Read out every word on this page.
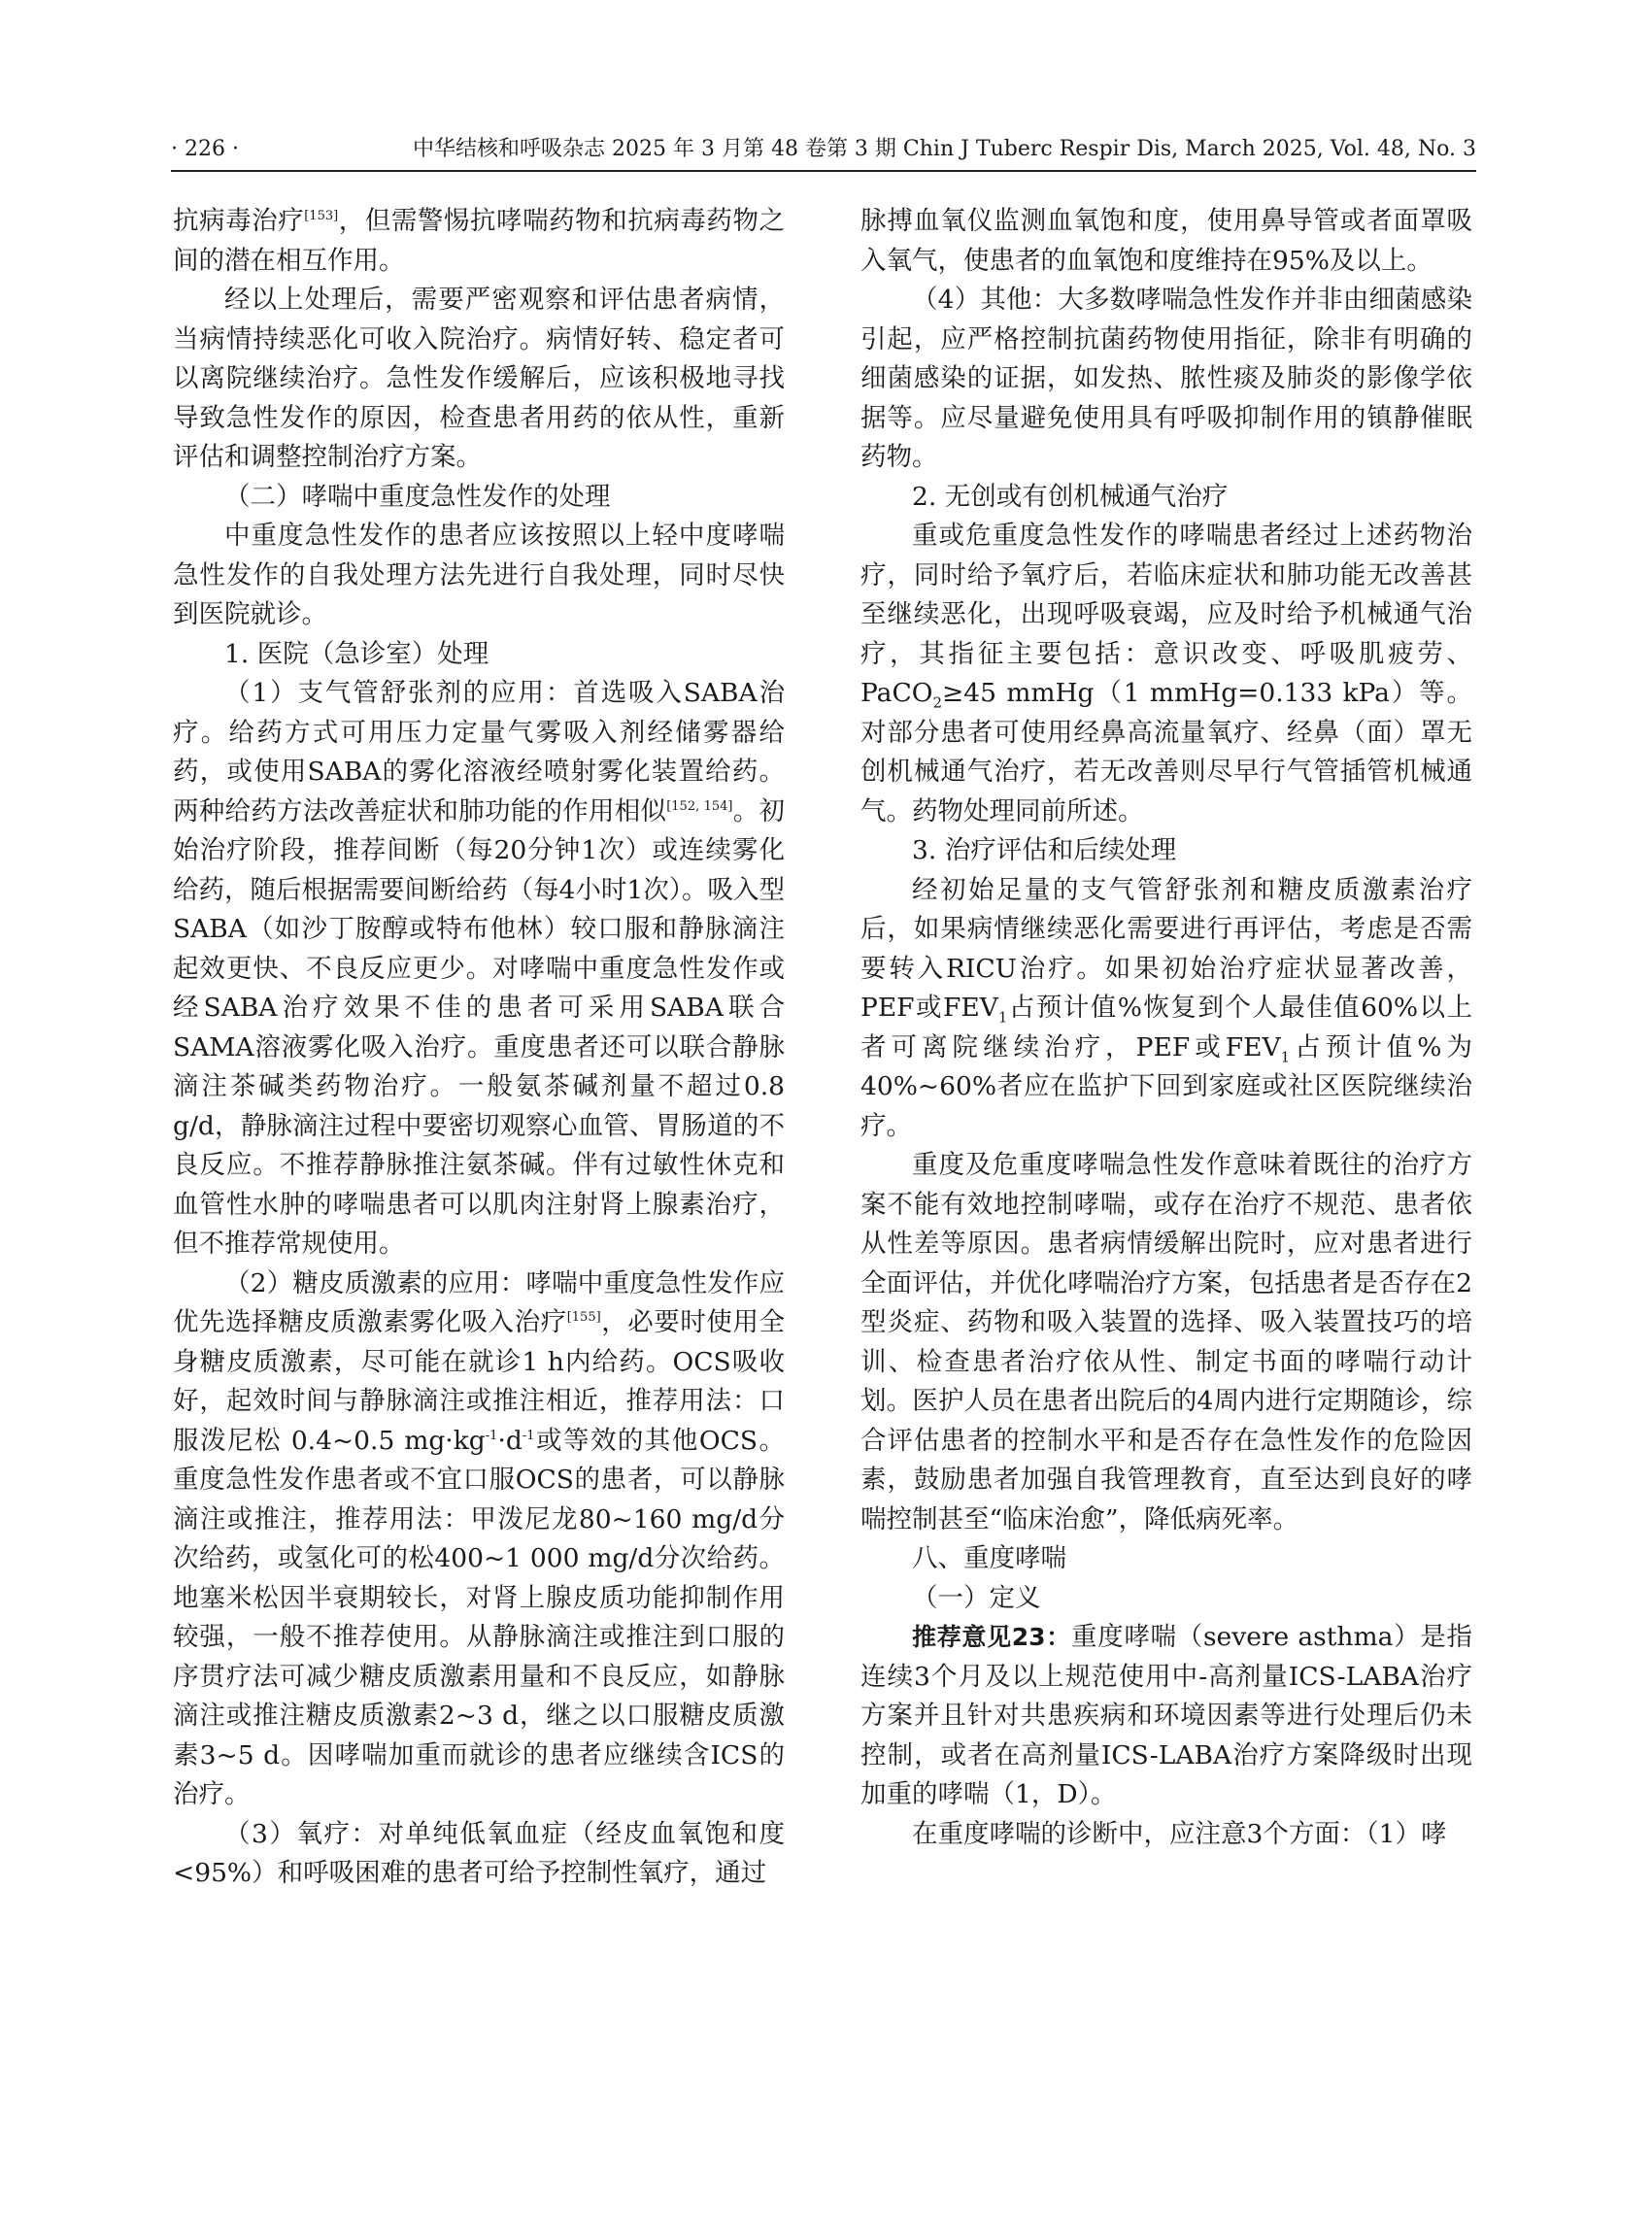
· 226 ·	中华结核和呼吸杂志 2025 年 3 月第 48 卷第 3 期 Chin J Tuberc Respir Dis, March 2025, Vol. 48, No. 3

抗病毒治疗[153]，但需警惕抗哮喘药物和抗病毒药物之间的潜在相互作用。

经以上处理后，需要严密观察和评估患者病情，当病情持续恶化可收入院治疗。病情好转、稳定者可以离院继续治疗。急性发作缓解后，应该积极地寻找导致急性发作的原因，检查患者用药的依从性，重新评估和调整控制治疗方案。

（二）哮喘中重度急性发作的处理

中重度急性发作的患者应该按照以上轻中度哮喘急性发作的自我处理方法先进行自我处理，同时尽快到医院就诊。

1. 医院（急诊室）处理

（1）支气管舒张剂的应用：首选吸入SABA治疗。给药方式可用压力定量气雾吸入剂经储雾器给药，或使用SABA的雾化溶液经喷射雾化装置给药。两种给药方法改善症状和肺功能的作用相似[152, 154]。初始治疗阶段，推荐间断（每20分钟1次）或连续雾化给药，随后根据需要间断给药（每4小时1次）。吸入型SABA（如沙丁胺醇或特布他林）较口服和静脉滴注起效更快、不良反应更少。对哮喘中重度急性发作或经SABA治疗效果不佳的患者可采用SABA联合SAMA溶液雾化吸入治疗。重度患者还可以联合静脉滴注茶碱类药物治疗。一般氨茶碱剂量不超过0.8 g/d，静脉滴注过程中要密切观察心血管、胃肠道的不良反应。不推荐静脉推注氨茶碱。伴有过敏性休克和血管性水肿的哮喘患者可以肌肉注射肾上腺素治疗，但不推荐常规使用。

（2）糖皮质激素的应用：哮喘中重度急性发作应优先选择糖皮质激素雾化吸入治疗[155]，必要时使用全身糖皮质激素，尽可能在就诊1 h内给药。OCS吸收好，起效时间与静脉滴注或推注相近，推荐用法：口服泼尼松 0.4~0.5 $mg\cdot kg^{-1}\cdot d^{-1}$或等效的其他OCS。重度急性发作患者或不宜口服OCS的患者，可以静脉滴注或推注，推荐用法：甲泼尼龙80~160 mg/d分次给药，或氢化可的松400~1 000 mg/d分次给药。地塞米松因半衰期较长，对肾上腺皮质功能抑制作用较强，一般不推荐使用。从静脉滴注或推注到口服的序贯疗法可减少糖皮质激素用量和不良反应，如静脉滴注或推注糖皮质激素2~3 d，继之以口服糖皮质激素3~5 d。因哮喘加重而就诊的患者应继续含ICS的治疗。

（3）氧疗：对单纯低氧血症（经皮血氧饱和度<95%）和呼吸困难的患者可给予控制性氧疗，通过

脉搏血氧仪监测血氧饱和度，使用鼻导管或者面罩吸入氧气，使患者的血氧饱和度维持在95%及以上。

（4）其他：大多数哮喘急性发作并非由细菌感染引起，应严格控制抗菌药物使用指征，除非有明确的细菌感染的证据，如发热、脓性痰及肺炎的影像学依据等。应尽量避免使用具有呼吸抑制作用的镇静催眠药物。

2. 无创或有创机械通气治疗

重或危重度急性发作的哮喘患者经过上述药物治疗，同时给予氧疗后，若临床症状和肺功能无改善甚至继续恶化，出现呼吸衰竭，应及时给予机械通气治疗，其指征主要包括：意识改变、呼吸肌疲劳、PaCO$_2$≥45 mmHg（1 mmHg=0.133 kPa）等。对部分患者可使用经鼻高流量氧疗、经鼻（面）罩无创机械通气治疗，若无改善则尽早行气管插管机械通气。药物处理同前所述。

3. 治疗评估和后续处理

经初始足量的支气管舒张剂和糖皮质激素治疗后，如果病情继续恶化需要进行再评估，考虑是否需要转入RICU治疗。如果初始治疗症状显著改善，PEF或$FEV_1$占预计值%恢复到个人最佳值60%以上者可离院继续治疗，PEF或$FEV_1$占预计值%为40%~60%者应在监护下回到家庭或社区医院继续治疗。

重度及危重度哮喘急性发作意味着既往的治疗方案不能有效地控制哮喘，或存在治疗不规范、患者依从性差等原因。患者病情缓解出院时，应对患者进行全面评估，并优化哮喘治疗方案，包括患者是否存在2型炎症、药物和吸入装置的选择、吸入装置技巧的培训、检查患者治疗依从性、制定书面的哮喘行动计划。医护人员在患者出院后的4周内进行定期随诊，综合评估患者的控制水平和是否存在急性发作的危险因素，鼓励患者加强自我管理教育，直至达到良好的哮喘控制甚至“临床治愈”，降低病死率。

八、重度哮喘

（一）定义

推荐意见23：重度哮喘（severe asthma）是指连续3个月及以上规范使用中-高剂量ICS-LABA治疗方案并且针对共患疾病和环境因素等进行处理后仍未控制，或者在高剂量ICS-LABA治疗方案降级时出现加重的哮喘（1，D）。

在重度哮喘的诊断中，应注意3个方面：（1）哮
